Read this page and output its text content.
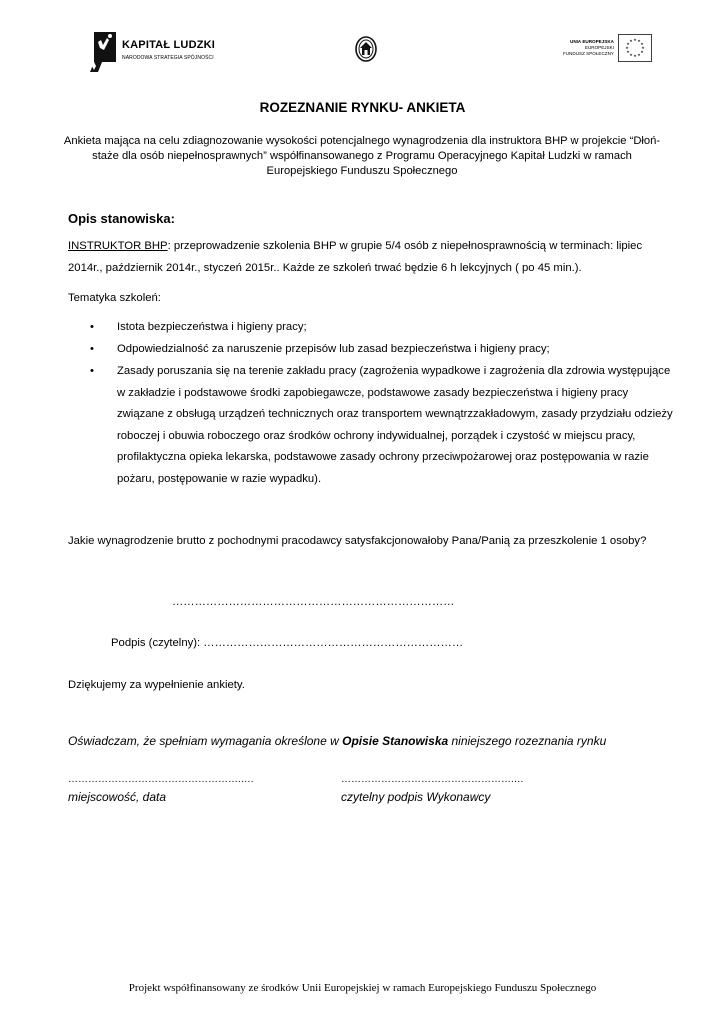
KAPITAŁ LUDZKI
NARODOWA STRATEGIA SPÓJNOŚCI
UNIA EUROPEJSKA
EUROPEJSKI
FUNDUSZ SPOŁECZNY
★ ★
★
★
★
★
★
★
★
★
★
★
ROZEZNANIE RYNKU- ANKIETA
Ankieta mająca na celu zdiagnozowanie wysokości potencjalnego wynagrodzenia dla instruktora BHP w projekcie “Dłoń- staże dla osób niepełnosprawnych” współfinansowanego z Programu Operacyjnego Kapitał Ludzki w ramach Europejskiego Funduszu Społecznego
Opis stanowiska:
INSTRUKTOR BHP: przeprowadzenie szkolenia BHP w grupie 5/4 osób z niepełnosprawnością w terminach: lipiec 2014r., październik 2014r., styczeń 2015r.. Każde ze szkoleń trwać będzie 6 h lekcyjnych ( po 45 min.).
Tematyka szkoleń:
• Istota bezpieczeństwa i higieny pracy;
• Odpowiedzialność za naruszenie przepisów lub zasad bezpieczeństwa i higieny pracy;
• Zasady poruszania się na terenie zakładu pracy (zagrożenia wypadkowe i zagrożenia dla zdrowia występujące w zakładzie i podstawowe środki zapobiegawcze, podstawowe zasady bezpieczeństwa i higieny pracy związane z obsługą urządzeń technicznych oraz transportem wewnątrzzakładowym, zasady przydziału odzieży roboczej i obuwia roboczego oraz środków ochrony indywidualnej, porządek i czystość w miejscu pracy, profilaktyczna opieka lekarska, podstawowe zasady ochrony przeciwpożarowej oraz postępowania w razie pożaru, postępowanie w razie wypadku).
Jakie wynagrodzenie brutto z pochodnymi pracodawcy satysfakcjonowałoby Pana/Panią za przeszkolenie 1 osoby?
…………………………………………………………………
Podpis (czytelny): ……………………………………………………………
Dziękujemy za wypełnienie ankiety.
Oświadczam, że spełniam wymagania określone w Opisie Stanowiska niniejszego rozeznania rynku
…………………………………………….….	…………………………………………….…
miejscowość, data	czytelny podpis Wykonawcy
Projekt współfinansowany ze środków Unii Europejskiej w ramach Europejskiego Funduszu Społecznego
